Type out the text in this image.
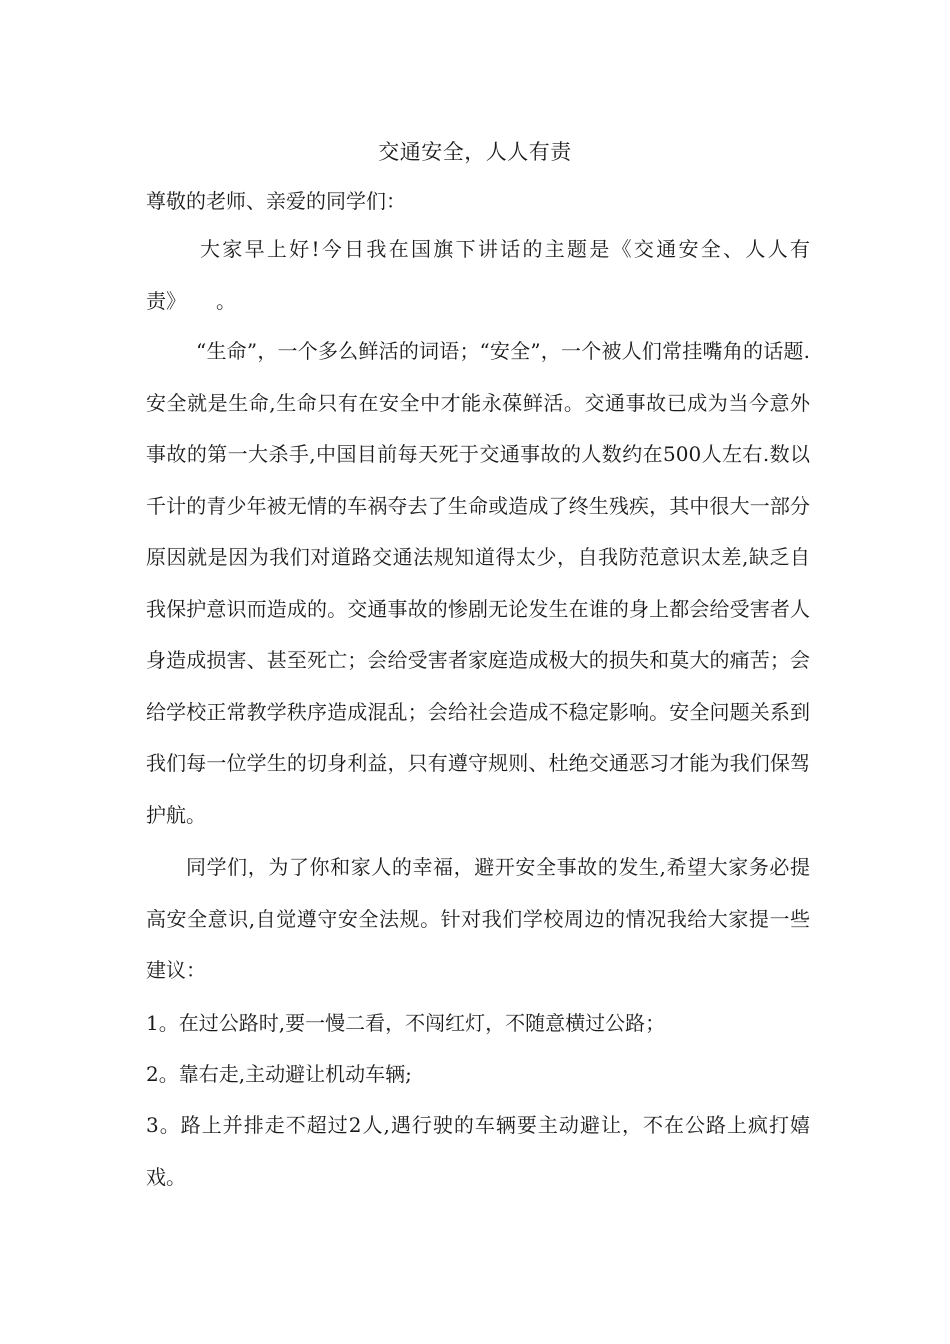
交通安全，人人有责
尊敬的老师、亲爱的同学们：

大家早上好!今日我在国旗下讲话的主题是《交通安全、人人有责》　　。

“生命”，一个多么鲜活的词语；“安全”，一个被人们常挂嘴角的话题.安全就是生命,生命只有在安全中才能永葆鲜活。交通事故已成为当今意外事故的第一大杀手,中国目前每天死于交通事故的人数约在500人左右.数以千计的青少年被无情的车祸夺去了生命或造成了终生残疾，其中很大一部分原因就是因为我们对道路交通法规知道得太少，自我防范意识太差,缺乏自我保护意识而造成的。交通事故的惨剧无论发生在谁的身上都会给受害者人身造成损害、甚至死亡；会给受害者家庭造成极大的损失和莫大的痛苦；会给学校正常教学秩序造成混乱；会给社会造成不稳定影响。安全问题关系到我们每一位学生的切身利益，只有遵守规则、杜绝交通恶习才能为我们保驾护航。

同学们，为了你和家人的幸福，避开安全事故的发生,希望大家务必提高安全意识,自觉遵守安全法规。针对我们学校周边的情况我给大家提一些建议：

1。在过公路时,要一慢二看，不闯红灯，不随意横过公路；

2。靠右走,主动避让机动车辆;

3。路上并排走不超过2人,遇行驶的车辆要主动避让，不在公路上疯打嬉戏。
